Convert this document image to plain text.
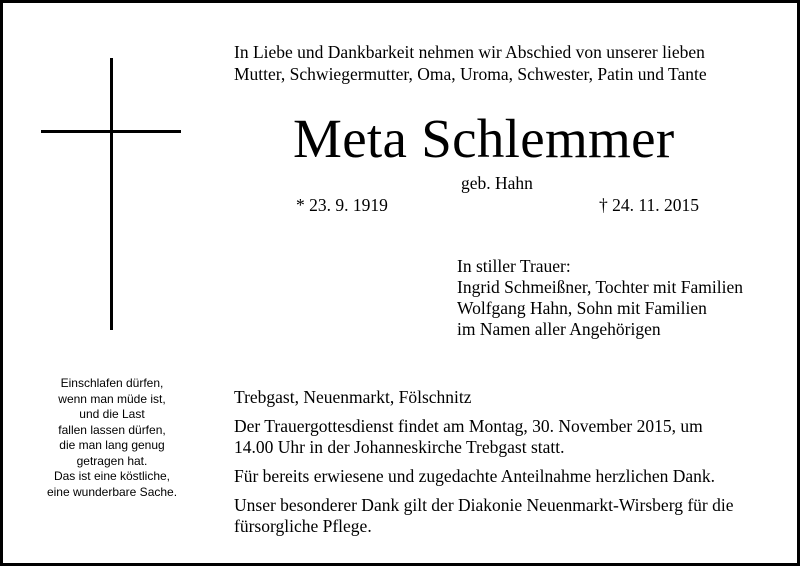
In Liebe und Dankbarkeit nehmen wir Abschied von unserer lieben
Mutter, Schwiegermutter, Oma, Uroma, Schwester, Patin und Tante
Meta Schlemmer
geb. Hahn
* 23. 9. 1919	† 24. 11. 2015
In stiller Trauer:
Ingrid Schmeißner, Tochter mit Familien
Wolfgang Hahn, Sohn mit Familien
im Namen aller Angehörigen
Einschlafen dürfen,
wenn man müde ist,
und die Last
fallen lassen dürfen,
die man lang genug
getragen hat.
Das ist eine köstliche,
eine wunderbare Sache.
Trebgast, Neuenmarkt, Fölschnitz
Der Trauergottesdienst findet am Montag, 30. November 2015, um
14.00 Uhr in der Johanneskirche Trebgast statt.
Für bereits erwiesene und zugedachte Anteilnahme herzlichen Dank.
Unser besonderer Dank gilt der Diakonie Neuenmarkt-Wirsberg für die
fürsorgliche Pflege.
